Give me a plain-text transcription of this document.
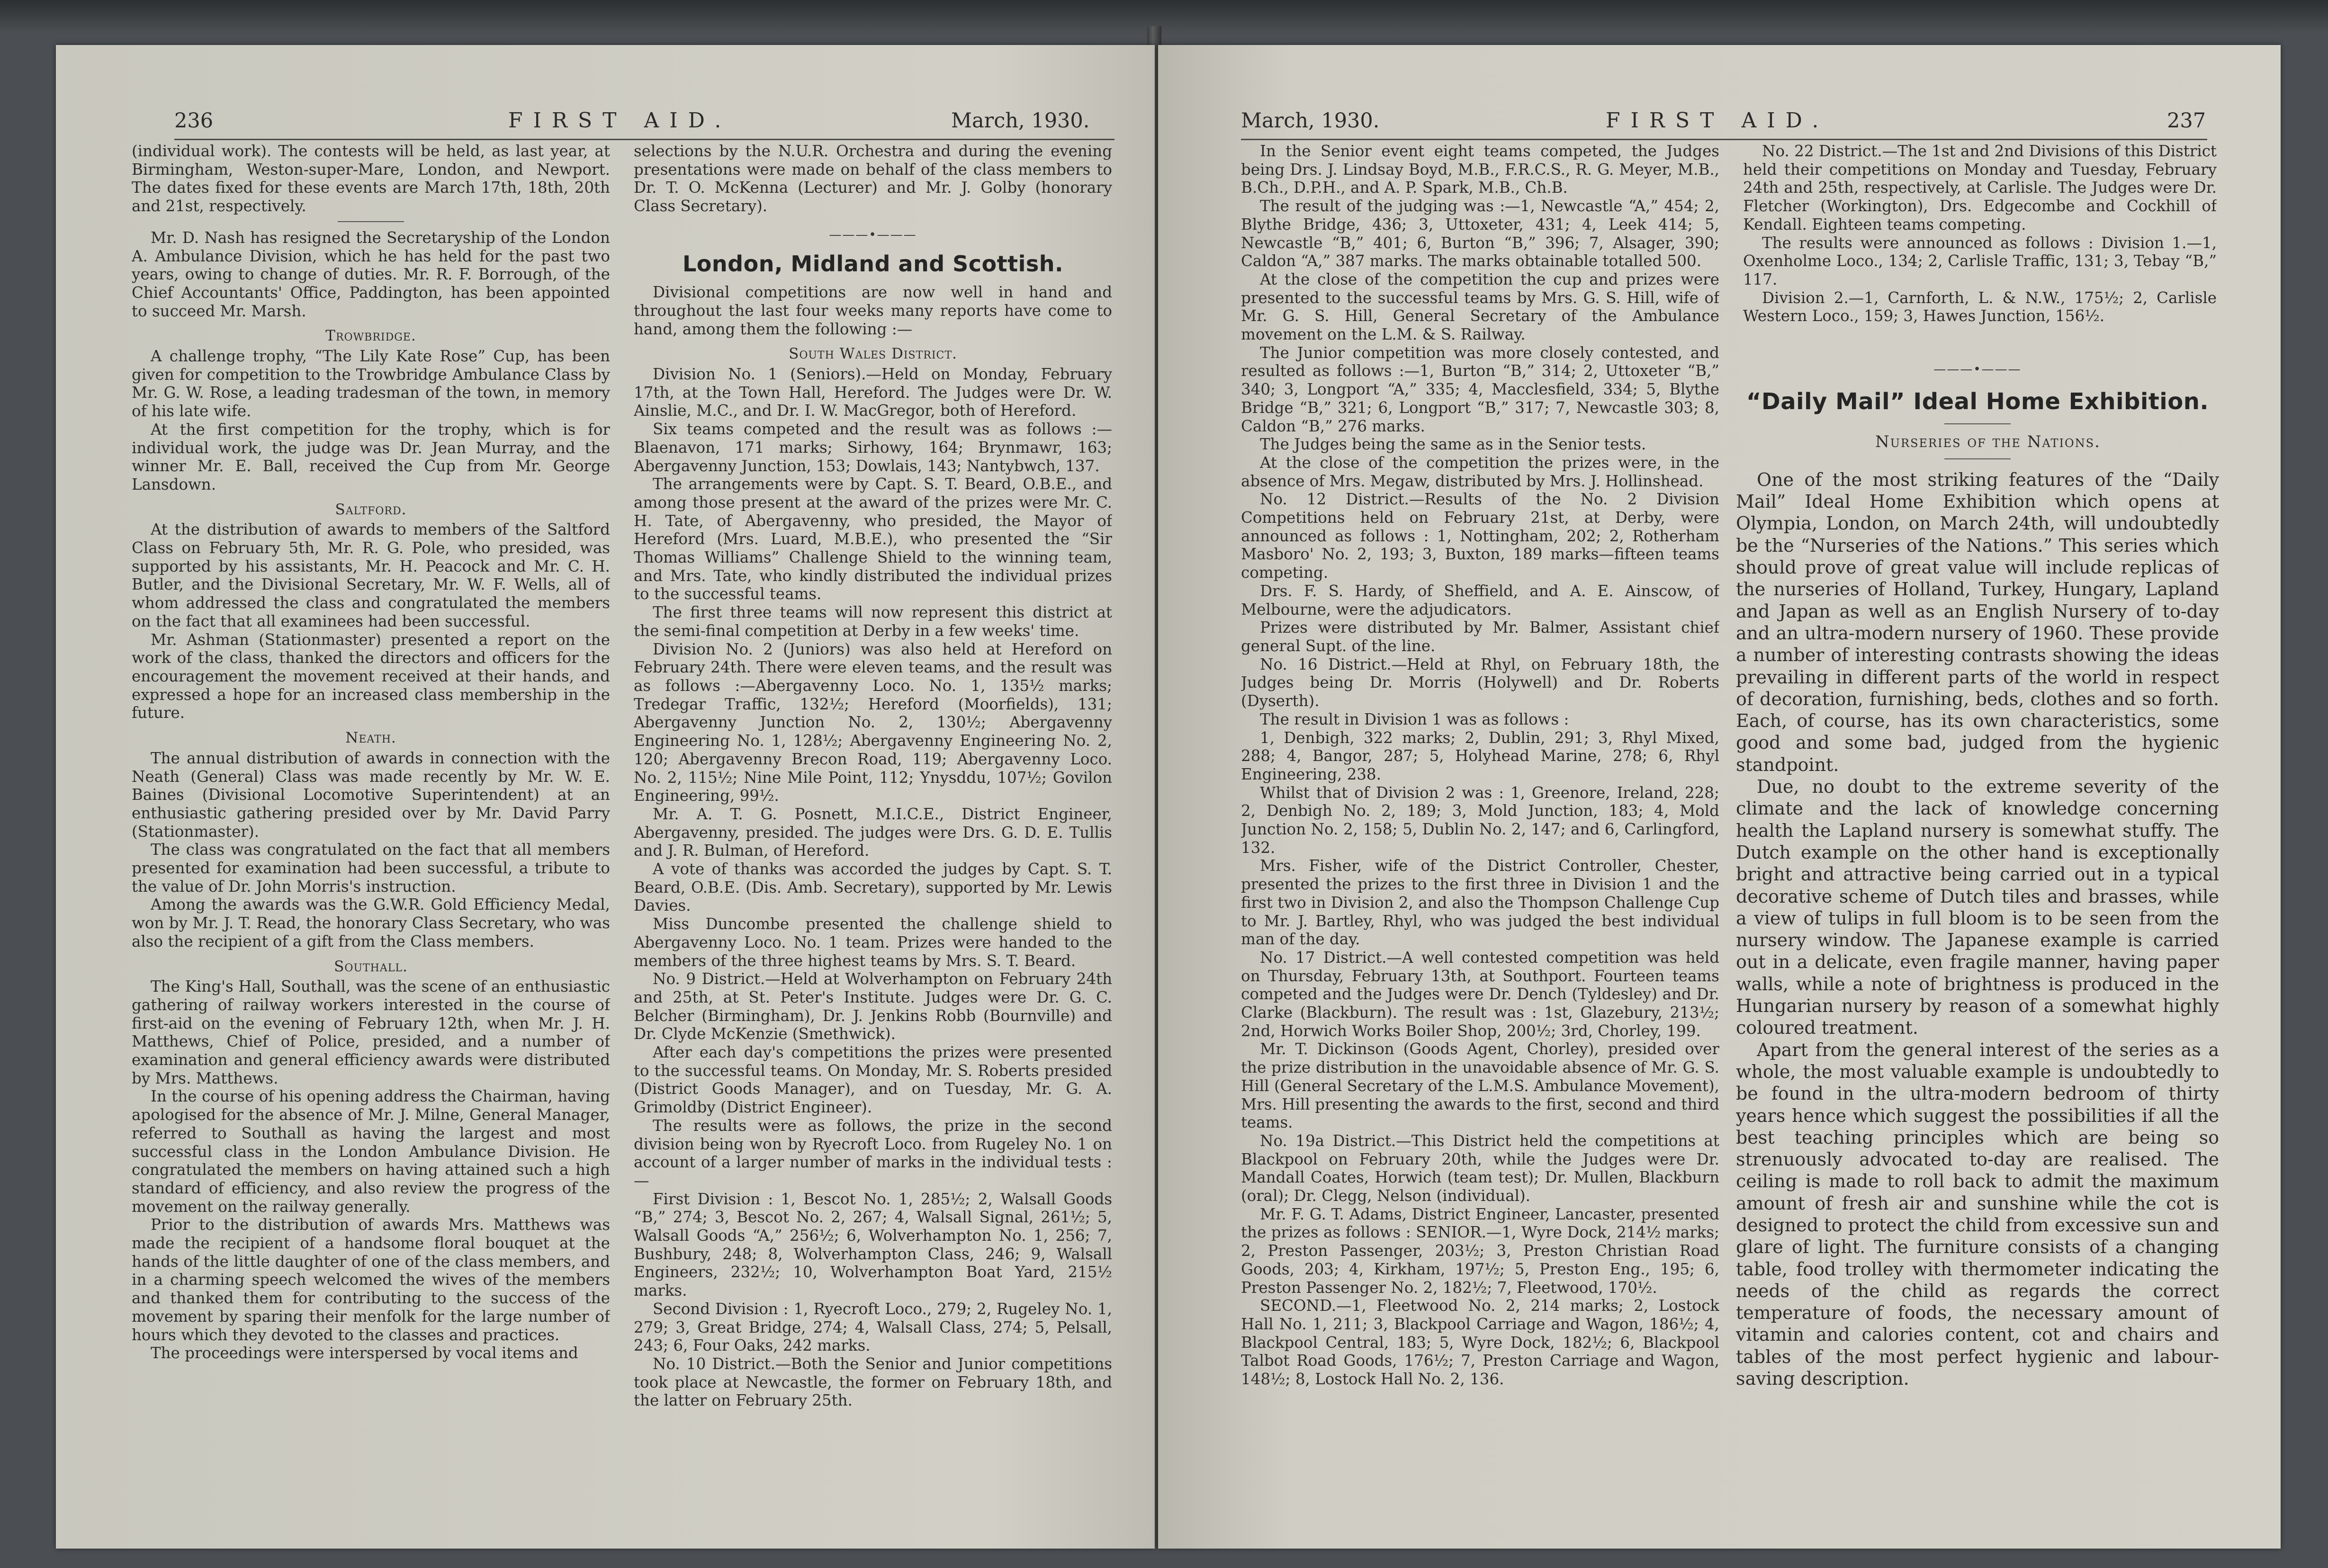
236	FIRST AID.	March, 1930.

(individual work). The contests will be held, as last year, at Birmingham, Weston-super-Mare, London, and Newport. The dates fixed for these events are March 17th, 18th, 20th and 21st, respectively.

Mr. D. Nash has resigned the Secretaryship of the London A. Ambulance Division, which he has held for the past two years, owing to change of duties. Mr. R. F. Borrough, of the Chief Accountants' Office, Paddington, has been appointed to succeed Mr. Marsh.

Trowbridge.

A challenge trophy, “The Lily Kate Rose” Cup, has been given for competition to the Trowbridge Ambulance Class by Mr. G. W. Rose, a leading tradesman of the town, in memory of his late wife.

At the first competition for the trophy, which is for individual work, the judge was Dr. Jean Murray, and the winner Mr. E. Ball, received the Cup from Mr. George Lansdown.

Saltford.

At the distribution of awards to members of the Saltford Class on February 5th, Mr. R. G. Pole, who presided, was supported by his assistants, Mr. H. Peacock and Mr. C. H. Butler, and the Divisional Secretary, Mr. W. F. Wells, all of whom addressed the class and congratulated the members on the fact that all examinees had been successful.

Mr. Ashman (Stationmaster) presented a report on the work of the class, thanked the directors and officers for the encouragement the movement received at their hands, and expressed a hope for an increased class membership in the future.

Neath.

The annual distribution of awards in connection with the Neath (General) Class was made recently by Mr. W. E. Baines (Divisional Locomotive Superintendent) at an enthusiastic gathering presided over by Mr. David Parry (Stationmaster).

The class was congratulated on the fact that all members presented for examination had been successful, a tribute to the value of Dr. John Morris's instruction.

Among the awards was the G.W.R. Gold Efficiency Medal, won by Mr. J. T. Read, the honorary Class Secretary, who was also the recipient of a gift from the Class members.

Southall.

The King's Hall, Southall, was the scene of an enthusiastic gathering of railway workers interested in the course of first-aid on the evening of February 12th, when Mr. J. H. Matthews, Chief of Police, presided, and a number of examination and general efficiency awards were distributed by Mrs. Matthews.

In the course of his opening address the Chairman, having apologised for the absence of Mr. J. Milne, General Manager, referred to Southall as having the largest and most successful class in the London Ambulance Division. He congratulated the members on having attained such a high standard of efficiency, and also review the progress of the movement on the railway generally.

Prior to the distribution of awards Mrs. Matthews was made the recipient of a handsome floral bouquet at the hands of the little daughter of one of the class members, and in a charming speech welcomed the wives of the members and thanked them for contributing to the success of the movement by sparing their menfolk for the large number of hours which they devoted to the classes and practices.

The proceedings were interspersed by vocal items and

selections by the N.U.R. Orchestra and during the evening presentations were made on behalf of the class members to Dr. T. O. McKenna (Lecturer) and Mr. J. Golby (honorary Class Secretary).

———•———
London, Midland and Scottish.

Divisional competitions are now well in hand and throughout the last four weeks many reports have come to hand, among them the following :—

South Wales District.

Division No. 1 (Seniors).—Held on Monday, February 17th, at the Town Hall, Hereford. The Judges were Dr. W. Ainslie, M.C., and Dr. I. W. MacGregor, both of Hereford.

Six teams competed and the result was as follows :— Blaenavon, 171 marks; Sirhowy, 164; Brynmawr, 163; Abergavenny Junction, 153; Dowlais, 143; Nantybwch, 137.

The arrangements were by Capt. S. T. Beard, O.B.E., and among those present at the award of the prizes were Mr. C. H. Tate, of Abergavenny, who presided, the Mayor of Hereford (Mrs. Luard, M.B.E.), who presented the “Sir Thomas Williams” Challenge Shield to the winning team, and Mrs. Tate, who kindly distributed the individual prizes to the successful teams.

The first three teams will now represent this district at the semi-final competition at Derby in a few weeks' time.

Division No. 2 (Juniors) was also held at Hereford on February 24th. There were eleven teams, and the result was as follows :—Abergavenny Loco. No. 1, 135½ marks; Tredegar Traffic, 132½; Hereford (Moorfields), 131; Abergavenny Junction No. 2, 130½; Abergavenny Engineering No. 1, 128½; Abergavenny Engineering No. 2, 120; Abergavenny Brecon Road, 119; Abergavenny Loco. No. 2, 115½; Nine Mile Point, 112; Ynysddu, 107½; Govilon Engineering, 99½.

Mr. A. T. G. Posnett, M.I.C.E., District Engineer, Abergavenny, presided. The judges were Drs. G. D. E. Tullis and J. R. Bulman, of Hereford.

A vote of thanks was accorded the judges by Capt. S. T. Beard, O.B.E. (Dis. Amb. Secretary), supported by Mr. Lewis Davies.

Miss Duncombe presented the challenge shield to Abergavenny Loco. No. 1 team. Prizes were handed to the members of the three highest teams by Mrs. S. T. Beard.

No. 9 District.—Held at Wolverhampton on February 24th and 25th, at St. Peter's Institute. Judges were Dr. G. C. Belcher (Birmingham), Dr. J. Jenkins Robb (Bournville) and Dr. Clyde McKenzie (Smethwick).

After each day's competitions the prizes were presented to the successful teams. On Monday, Mr. S. Roberts presided (District Goods Manager), and on Tuesday, Mr. G. A. Grimoldby (District Engineer).

The results were as follows, the prize in the second division being won by Ryecroft Loco. from Rugeley No. 1 on account of a larger number of marks in the individual tests :—

First Division : 1, Bescot No. 1, 285½; 2, Walsall Goods “B,” 274; 3, Bescot No. 2, 267; 4, Walsall Signal, 261½; 5, Walsall Goods “A,” 256½; 6, Wolverhampton No. 1, 256; 7, Bushbury, 248; 8, Wolverhampton Class, 246; 9, Walsall Engineers, 232½; 10, Wolverhampton Boat Yard, 215½ marks.

Second Division : 1, Ryecroft Loco., 279; 2, Rugeley No. 1, 279; 3, Great Bridge, 274; 4, Walsall Class, 274; 5, Pelsall, 243; 6, Four Oaks, 242 marks.

No. 10 District.—Both the Senior and Junior competitions took place at Newcastle, the former on February 18th, and the latter on February 25th.

March, 1930.	FIRST AID.	237

In the Senior event eight teams competed, the Judges being Drs. J. Lindsay Boyd, M.B., F.R.C.S., R. G. Meyer, M.B., B.Ch., D.P.H., and A. P. Spark, M.B., Ch.B.

The result of the judging was :—1, Newcastle “A,” 454; 2, Blythe Bridge, 436; 3, Uttoxeter, 431; 4, Leek 414; 5, Newcastle “B,” 401; 6, Burton “B,” 396; 7, Alsager, 390; Caldon “A,” 387 marks. The marks obtainable totalled 500.

At the close of the competition the cup and prizes were presented to the successful teams by Mrs. G. S. Hill, wife of Mr. G. S. Hill, General Secretary of the Ambulance movement on the L.M. & S. Railway.

The Junior competition was more closely contested, and resulted as follows :—1, Burton “B,” 314; 2, Uttoxeter “B,” 340; 3, Longport “A,” 335; 4, Macclesfield, 334; 5, Blythe Bridge “B,” 321; 6, Longport “B,” 317; 7, Newcastle 303; 8, Caldon “B,” 276 marks.

The Judges being the same as in the Senior tests.

At the close of the competition the prizes were, in the absence of Mrs. Megaw, distributed by Mrs. J. Hollinshead.

No. 12 District.—Results of the No. 2 Division Competitions held on February 21st, at Derby, were announced as follows : 1, Nottingham, 202; 2, Rotherham Masboro' No. 2, 193; 3, Buxton, 189 marks—fifteen teams competing.

Drs. F. S. Hardy, of Sheffield, and A. E. Ainscow, of Melbourne, were the adjudicators.

Prizes were distributed by Mr. Balmer, Assistant chief general Supt. of the line.

No. 16 District.—Held at Rhyl, on February 18th, the Judges being Dr. Morris (Holywell) and Dr. Roberts (Dyserth).

The result in Division 1 was as follows :

1, Denbigh, 322 marks; 2, Dublin, 291; 3, Rhyl Mixed, 288; 4, Bangor, 287; 5, Holyhead Marine, 278; 6, Rhyl Engineering, 238.

Whilst that of Division 2 was : 1, Greenore, Ireland, 228; 2, Denbigh No. 2, 189; 3, Mold Junction, 183; 4, Mold Junction No. 2, 158; 5, Dublin No. 2, 147; and 6, Carlingford, 132.

Mrs. Fisher, wife of the District Controller, Chester, presented the prizes to the first three in Division 1 and the first two in Division 2, and also the Thompson Challenge Cup to Mr. J. Bartley, Rhyl, who was judged the best individual man of the day.

No. 17 District.—A well contested competition was held on Thursday, February 13th, at Southport. Fourteen teams competed and the Judges were Dr. Dench (Tyldesley) and Dr. Clarke (Blackburn). The result was : 1st, Glazebury, 213½; 2nd, Horwich Works Boiler Shop, 200½; 3rd, Chorley, 199.

Mr. T. Dickinson (Goods Agent, Chorley), presided over the prize distribution in the unavoidable absence of Mr. G. S. Hill (General Secretary of the L.M.S. Ambulance Movement), Mrs. Hill presenting the awards to the first, second and third teams.

No. 19a District.—This District held the competitions at Blackpool on February 20th, while the Judges were Dr. Mandall Coates, Horwich (team test); Dr. Mullen, Blackburn (oral); Dr. Clegg, Nelson (individual).

Mr. F. G. T. Adams, District Engineer, Lancaster, presented the prizes as follows : SENIOR.—1, Wyre Dock, 214½ marks; 2, Preston Passenger, 203½; 3, Preston Christian Road Goods, 203; 4, Kirkham, 197½; 5, Preston Eng., 195; 6, Preston Passenger No. 2, 182½; 7, Fleetwood, 170½.

SECOND.—1, Fleetwood No. 2, 214 marks; 2, Lostock Hall No. 1, 211; 3, Blackpool Carriage and Wagon, 186½; 4, Blackpool Central, 183; 5, Wyre Dock, 182½; 6, Blackpool Talbot Road Goods, 176½; 7, Preston Carriage and Wagon, 148½; 8, Lostock Hall No. 2, 136.

No. 22 District.—The 1st and 2nd Divisions of this District held their competitions on Monday and Tuesday, February 24th and 25th, respectively, at Carlisle. The Judges were Dr. Fletcher (Workington), Drs. Edgecombe and Cockhill of Kendall. Eighteen teams competing.

The results were announced as follows : Division 1.—1, Oxenholme Loco., 134; 2, Carlisle Traffic, 131; 3, Tebay “B,” 117.

Division 2.—1, Carnforth, L. & N.W., 175½; 2, Carlisle Western Loco., 159; 3, Hawes Junction, 156½.

———•———
“Daily Mail” Ideal Home Exhibition.

Nurseries of the Nations.

One of the most striking features of the “Daily Mail” Ideal Home Exhibition which opens at Olympia, London, on March 24th, will undoubtedly be the “Nurseries of the Nations.” This series which should prove of great value will include replicas of the nurseries of Holland, Turkey, Hungary, Lapland and Japan as well as an English Nursery of to-day and an ultra-modern nursery of 1960. These provide a number of interesting contrasts showing the ideas prevailing in different parts of the world in respect of decoration, furnishing, beds, clothes and so forth. Each, of course, has its own characteristics, some good and some bad, judged from the hygienic standpoint.

Due, no doubt to the extreme severity of the climate and the lack of knowledge concerning health the Lapland nursery is somewhat stuffy. The Dutch example on the other hand is exceptionally bright and attractive being carried out in a typical decorative scheme of Dutch tiles and brasses, while a view of tulips in full bloom is to be seen from the nursery window. The Japanese example is carried out in a delicate, even fragile manner, having paper walls, while a note of brightness is produced in the Hungarian nursery by reason of a somewhat highly coloured treatment.

Apart from the general interest of the series as a whole, the most valuable example is undoubtedly to be found in the ultra-modern bedroom of thirty years hence which suggest the possibilities if all the best teaching principles which are being so strenuously advocated to-day are realised. The ceiling is made to roll back to admit the maximum amount of fresh air and sunshine while the cot is designed to protect the child from excessive sun and glare of light. The furniture consists of a changing table, food trolley with thermometer indicating the needs of the child as regards the correct temperature of foods, the necessary amount of vitamin and calories content, cot and chairs and tables of the most perfect hygienic and labour-saving description.
